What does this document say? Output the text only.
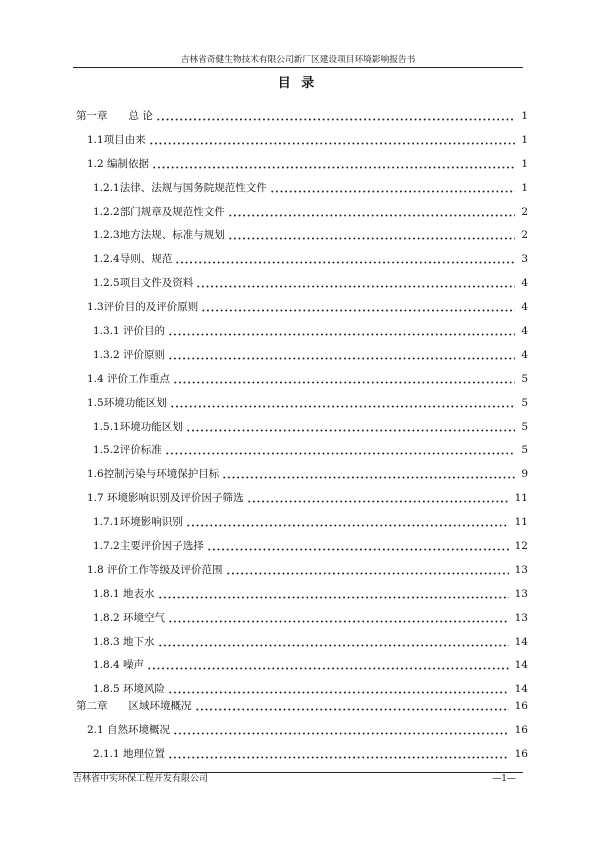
吉林省奇健生物技术有限公司新厂区建设项目环境影响报告书
目 录
第一章　　总 论	1
1.1项目由来	1
1.2 编制依据	1
1.2.1法律、法规与国务院规范性文件	1
1.2.2部门规章及规范性文件	2
1.2.3地方法规、标准与规划	2
1.2.4导则、规范	3
1.2.5项目文件及资料	4
1.3评价目的及评价原则	4
1.3.1 评价目的	4
1.3.2 评价原则	4
1.4 评价工作重点	5
1.5环境功能区划	5
1.5.1环境功能区划	5
1.5.2评价标准	5
1.6控制污染与环境保护目标	9
1.7 环境影响识别及评价因子筛选	11
1.7.1环境影响识别	11
1.7.2主要评价因子选择	12
1.8 评价工作等级及评价范围	13
1.8.1 地表水	13
1.8.2 环境空气	13
1.8.3 地下水	14
1.8.4 噪声	14
1.8.5 环境风险	14
第二章　　区域环境概况	16
2.1 自然环境概况	16
2.1.1 地理位置	16
吉林省中实环保工程开发有限公司	—1—
